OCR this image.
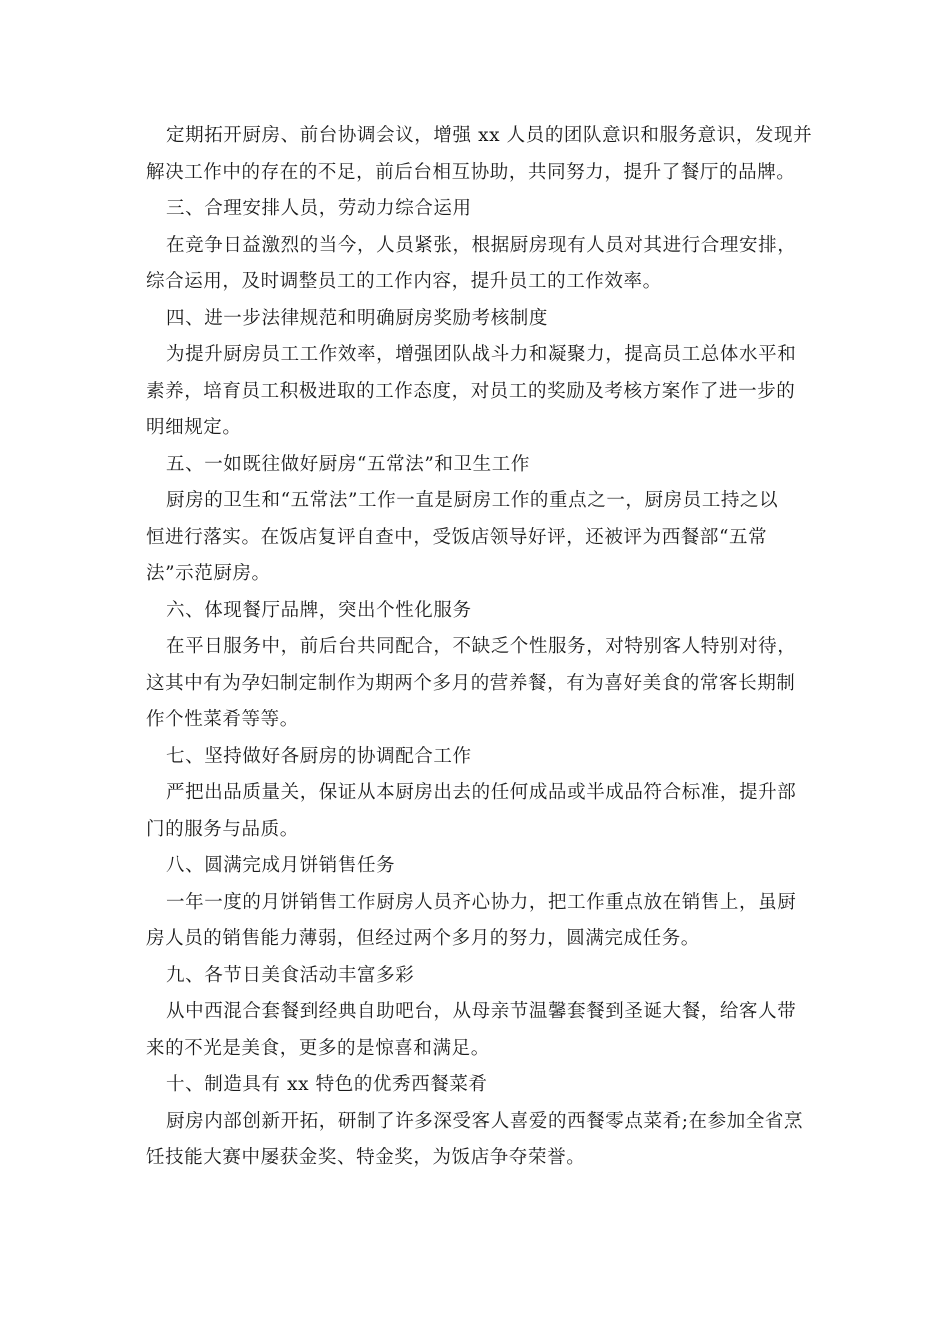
定期拓开厨房、前台协调会议，增强 xx 人员的团队意识和服务意识，发现并
解决工作中的存在的不足，前后台相互协助，共同努力，提升了餐厅的品牌。
三、合理安排人员，劳动力综合运用
在竞争日益激烈的当今，人员紧张，根据厨房现有人员对其进行合理安排，
综合运用，及时调整员工的工作内容，提升员工的工作效率。
四、进一步法律规范和明确厨房奖励考核制度
为提升厨房员工工作效率，增强团队战斗力和凝聚力，提高员工总体水平和
素养，培育员工积极进取的工作态度，对员工的奖励及考核方案作了进一步的
明细规定。
五、一如既往做好厨房“五常法”和卫生工作
厨房的卫生和“五常法”工作一直是厨房工作的重点之一，厨房员工持之以
恒进行落实。在饭店复评自查中，受饭店领导好评，还被评为西餐部“五常
法”示范厨房。
六、体现餐厅品牌，突出个性化服务
在平日服务中，前后台共同配合，不缺乏个性服务，对特别客人特别对待，
这其中有为孕妇制定制作为期两个多月的营养餐，有为喜好美食的常客长期制
作个性菜肴等等。
七、坚持做好各厨房的协调配合工作
严把出品质量关，保证从本厨房出去的任何成品或半成品符合标准，提升部
门的服务与品质。
八、圆满完成月饼销售任务
一年一度的月饼销售工作厨房人员齐心协力，把工作重点放在销售上，虽厨
房人员的销售能力薄弱，但经过两个多月的努力，圆满完成任务。
九、各节日美食活动丰富多彩
从中西混合套餐到经典自助吧台，从母亲节温馨套餐到圣诞大餐，给客人带
来的不光是美食，更多的是惊喜和满足。
十、制造具有 xx 特色的优秀西餐菜肴
厨房内部创新开拓，研制了许多深受客人喜爱的西餐零点菜肴;在参加全省烹
饪技能大赛中屡获金奖、特金奖，为饭店争夺荣誉。
